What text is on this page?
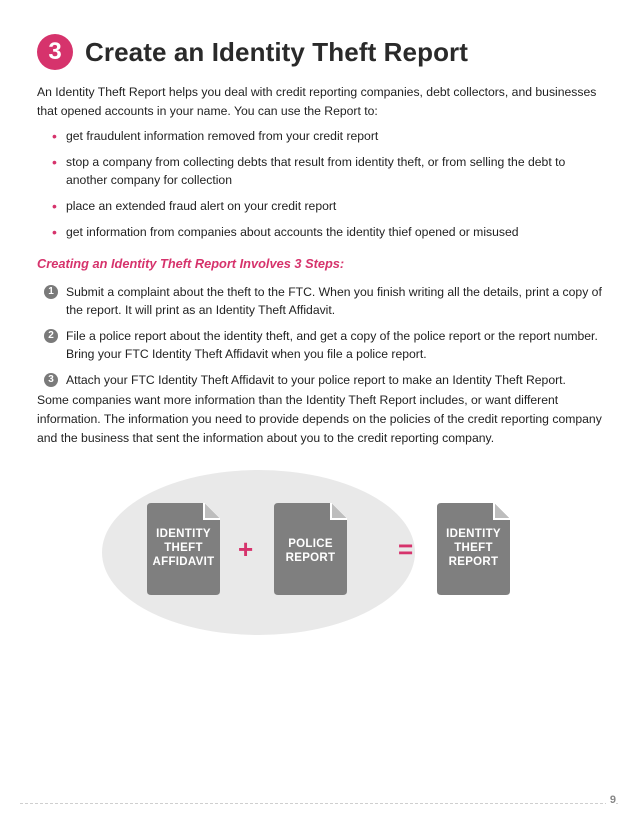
3 Create an Identity Theft Report

An Identity Theft Report helps you deal with credit reporting companies, debt collectors, and businesses that opened accounts in your name. You can use the Report to:

• get fraudulent information removed from your credit report
• stop a company from collecting debts that result from identity theft, or from selling the debt to another company for collection
• place an extended fraud alert on your credit report
• get information from companies about accounts the identity thief opened or misused
Creating an Identity Theft Report Involves 3 Steps:
1	Submit a complaint about the theft to the FTC. When you finish writing all the details, print a copy of the report. It will print as an Identity Theft Affidavit.
2	File a police report about the identity theft, and get a copy of the police report or the report number. Bring your FTC Identity Theft Affidavit when you file a police report.
3	Attach your FTC Identity Theft Affidavit to your police report to make an Identity Theft Report.

Some companies want more information than the Identity Theft Report includes, or want different information. The information you need to provide depends on the policies of the credit reporting company and the business that sent the information about you to the credit reporting company.

IDENTITY
THEFT
AFFIDAVIT +	POLICE
REPORT	=	IDENTITY
THEFT
REPORT
9
